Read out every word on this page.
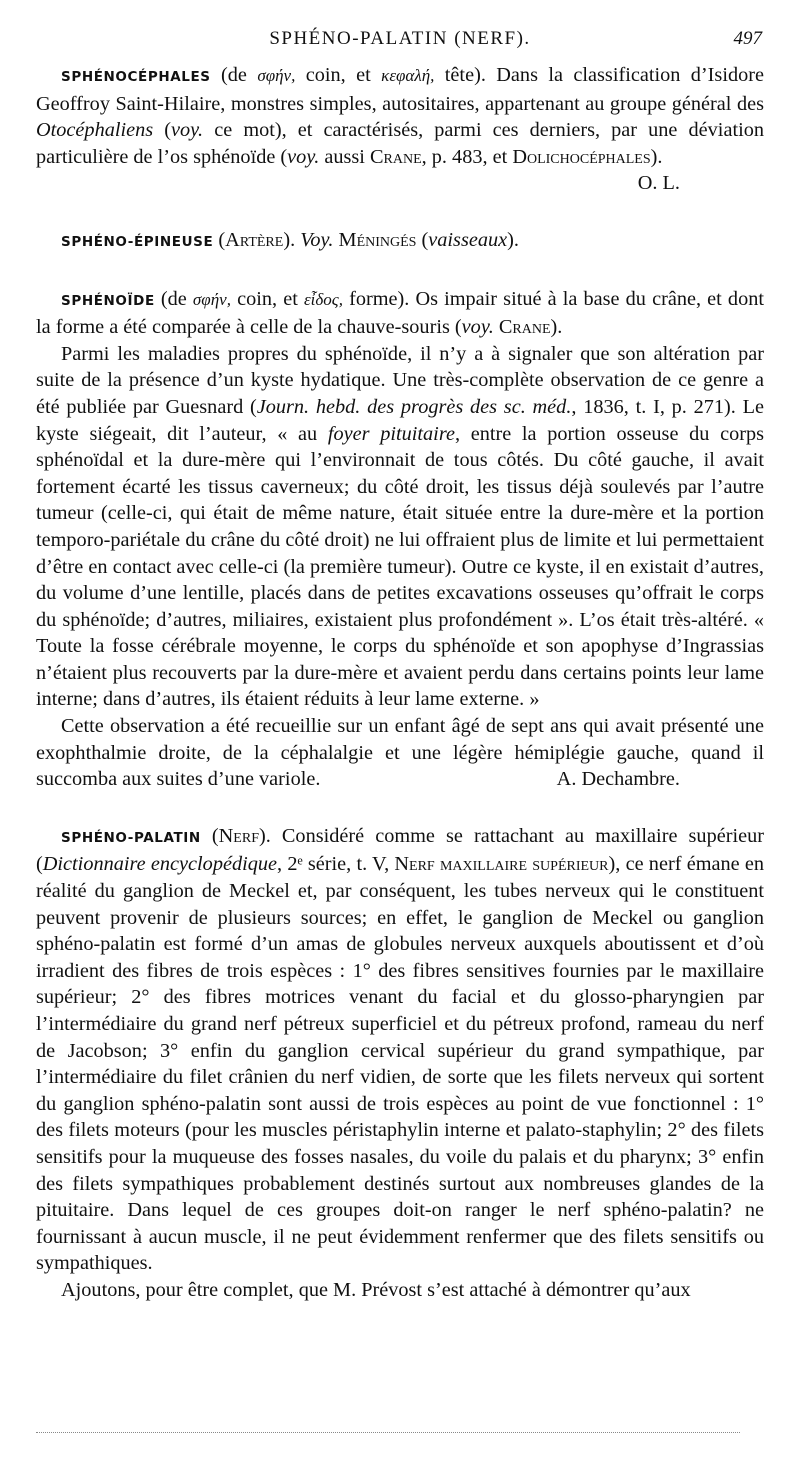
SPHÉNO-PALATIN (NERF).	497

SPHÉNOCÉPHALES (de σφήν, coin, et κεφαλή, tête). Dans la classification d’Isidore Geoffroy Saint-Hilaire, monstres simples, autositaires, appartenant au groupe général des Otocéphaliens (voy. ce mot), et caractérisés, parmi ces derniers, par une déviation particulière de l’os sphénoïde (voy. aussi Crane, p. 483, et Dolichocéphales).
O. L.

SPHÉNO-ÉPINEUSE (Artère). Voy. Méningés (vaisseaux).

SPHÉNOÏDE (de σφήν, coin, et εἶδος, forme). Os impair situé à la base du crâne, et dont la forme a été comparée à celle de la chauve-souris (voy. Crane).

Parmi les maladies propres du sphénoïde, il n’y a à signaler que son altération par suite de la présence d’un kyste hydatique. Une très-complète observation de ce genre a été publiée par Guesnard (Journ. hebd. des progrès des sc. méd., 1836, t. I, p. 271). Le kyste siégeait, dit l’auteur, « au foyer pituitaire, entre la portion osseuse du corps sphénoïdal et la dure-mère qui l’environnait de tous côtés. Du côté gauche, il avait fortement écarté les tissus caverneux; du côté droit, les tissus déjà soulevés par l’autre tumeur (celle-ci, qui était de même nature, était située entre la dure-mère et la portion temporo-pariétale du crâne du côté droit) ne lui offraient plus de limite et lui permettaient d’être en contact avec celle-ci (la première tumeur). Outre ce kyste, il en existait d’autres, du volume d’une lentille, placés dans de petites excavations osseuses qu’offrait le corps du sphénoïde; d’autres, miliaires, existaient plus profondément ». L’os était très-altéré. « Toute la fosse cérébrale moyenne, le corps du sphénoïde et son apophyse d’Ingrassias n’étaient plus recouverts par la dure-mère et avaient perdu dans certains points leur lame interne; dans d’autres, ils étaient réduits à leur lame externe. »

Cette observation a été recueillie sur un enfant âgé de sept ans qui avait présenté une exophthalmie droite, de la céphalalgie et une légère hémiplégie gauche, quand il succomba aux suites d’une variole.	A. Dechambre.

SPHÉNO-PALATIN (Nerf). Considéré comme se rattachant au maxillaire supérieur (Dictionnaire encyclopédique, 2ᵉ série, t. V, Nerf maxillaire supérieur), ce nerf émane en réalité du ganglion de Meckel et, par conséquent, les tubes nerveux qui le constituent peuvent provenir de plusieurs sources; en effet, le ganglion de Meckel ou ganglion sphéno-palatin est formé d’un amas de globules nerveux auxquels aboutissent et d’où irradient des fibres de trois espèces : 1° des fibres sensitives fournies par le maxillaire supérieur; 2° des fibres motrices venant du facial et du glosso-pharyngien par l’intermédiaire du grand nerf pétreux superficiel et du pétreux profond, rameau du nerf de Jacobson; 3° enfin du ganglion cervical supérieur du grand sympathique, par l’intermédiaire du filet crânien du nerf vidien, de sorte que les filets nerveux qui sortent du ganglion sphéno-palatin sont aussi de trois espèces au point de vue fonctionnel : 1° des filets moteurs (pour les muscles péristaphylin interne et palato-staphylin; 2° des filets sensitifs pour la muqueuse des fosses nasales, du voile du palais et du pharynx; 3° enfin des filets sympathiques probablement destinés surtout aux nombreuses glandes de la pituitaire. Dans lequel de ces groupes doit-on ranger le nerf sphéno-palatin? ne fournissant à aucun muscle, il ne peut évidemment renfermer que des filets sensitifs ou sympathiques.

Ajoutons, pour être complet, que M. Prévost s’est attaché à démontrer qu’aux
